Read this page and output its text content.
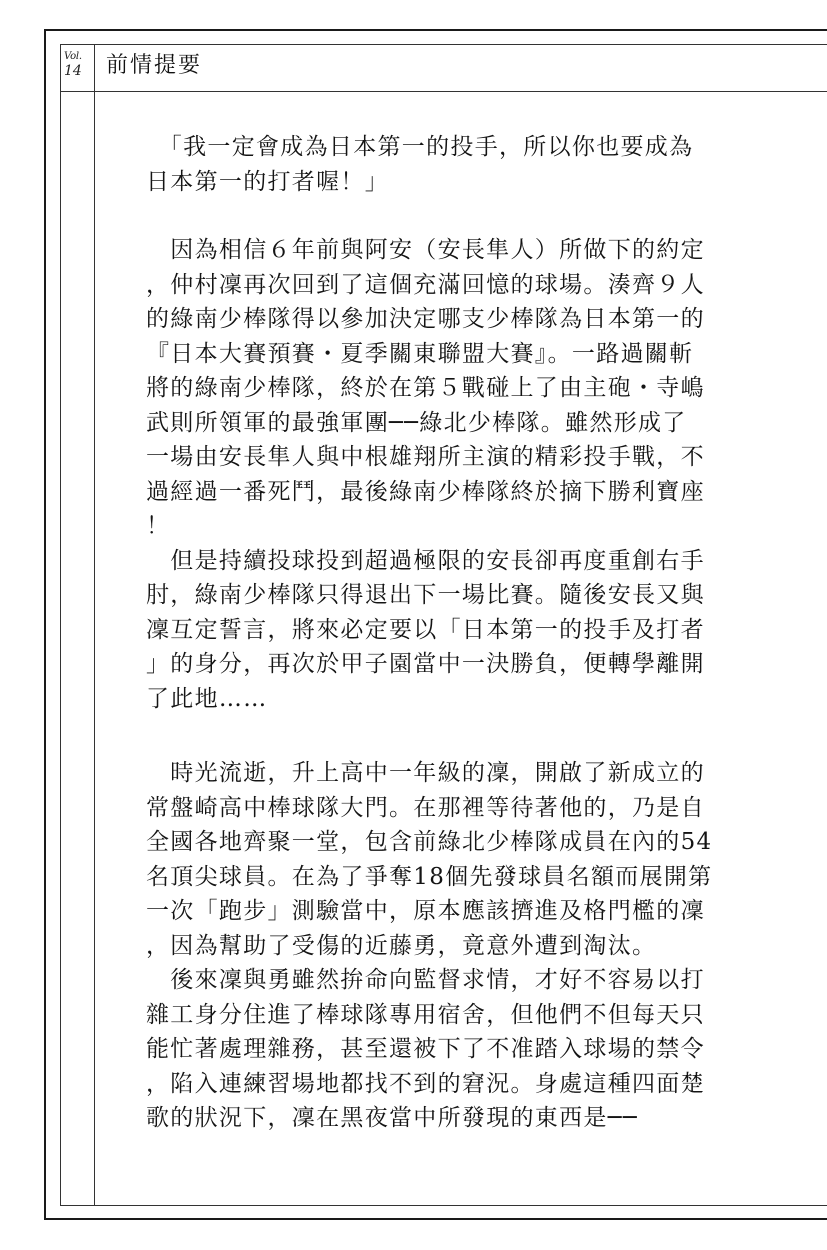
Vol.
14	前情提要

　「我一定會成為日本第一的投手，所以你也要成為

日本第一的打者喔！」

　因為相信６年前與阿安（安長隼人）所做下的約定

，仲村凜再次回到了這個充滿回憶的球場。湊齊９人

的綠南少棒隊得以參加決定哪支少棒隊為日本第一的

『日本大賽預賽・夏季關東聯盟大賽』。一路過關斬

將的綠南少棒隊，終於在第５戰碰上了由主砲・寺嶋

武則所領軍的最強軍團──綠北少棒隊。雖然形成了

一場由安長隼人與中根雄翔所主演的精彩投手戰，不

過經過一番死鬥，最後綠南少棒隊終於摘下勝利寶座

！

　但是持續投球投到超過極限的安長卻再度重創右手

肘，綠南少棒隊只得退出下一場比賽。隨後安長又與

凜互定誓言，將來必定要以「日本第一的投手及打者

」的身分，再次於甲子園當中一決勝負，便轉學離開

了此地……

　時光流逝，升上高中一年級的凜，開啟了新成立的

常盤崎高中棒球隊大門。在那裡等待著他的，乃是自

全國各地齊聚一堂，包含前綠北少棒隊成員在內的54

名頂尖球員。在為了爭奪18個先發球員名額而展開第

一次「跑步」測驗當中，原本應該擠進及格門檻的凜

，因為幫助了受傷的近藤勇，竟意外遭到淘汰。

　後來凜與勇雖然拚命向監督求情，才好不容易以打

雜工身分住進了棒球隊專用宿舍，但他們不但每天只

能忙著處理雜務，甚至還被下了不准踏入球場的禁令

，陷入連練習場地都找不到的窘況。身處這種四面楚

歌的狀況下，凜在黑夜當中所發現的東西是──
